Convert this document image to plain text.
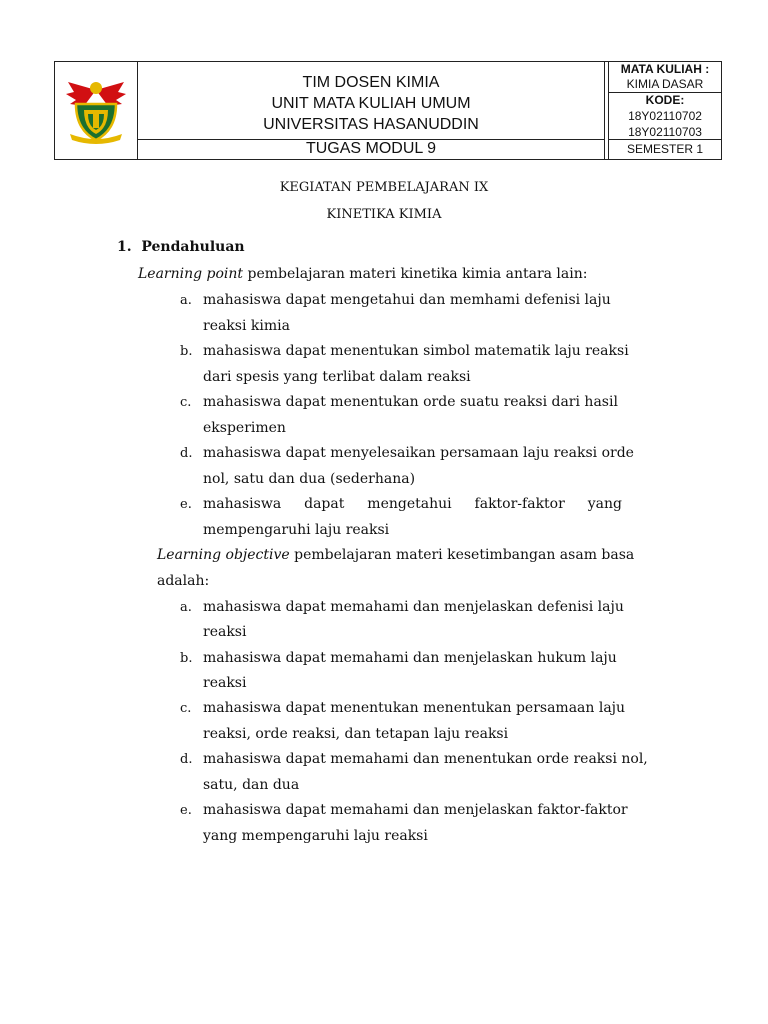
TIM DOSEN KIMIA
UNIT MATA KULIAH UMUM
UNIVERSITAS HASANUDDIN
TUGAS MODUL 9
MATA KULIAH :
KIMIA DASAR
KODE:
18Y02110702
18Y02110703
SEMESTER 1
KEGIATAN PEMBELAJARAN IX
KINETIKA KIMIA
1. Pendahuluan
Learning point pembelajaran materi kinetika kimia antara lain:
a. mahasiswa dapat mengetahui dan memhami defenisi laju
reaksi kimia
b. mahasiswa dapat menentukan simbol matematik laju reaksi
dari spesis yang terlibat dalam reaksi
c. mahasiswa dapat menentukan orde suatu reaksi dari hasil
eksperimen
d. mahasiswa dapat menyelesaikan persamaan laju reaksi orde
nol, satu dan dua (sederhana)
e. mahasiswa dapat mengetahui faktor-faktor yang
mempengaruhi laju reaksi
Learning objective pembelajaran materi kesetimbangan asam basa
adalah:
a. mahasiswa dapat memahami dan menjelaskan defenisi laju
reaksi
b. mahasiswa dapat memahami dan menjelaskan hukum laju
reaksi
c. mahasiswa dapat menentukan menentukan persamaan laju
reaksi, orde reaksi, dan tetapan laju reaksi
d. mahasiswa dapat memahami dan menentukan orde reaksi nol,
satu, dan dua
e. mahasiswa dapat memahami dan menjelaskan faktor-faktor
yang mempengaruhi laju reaksi
